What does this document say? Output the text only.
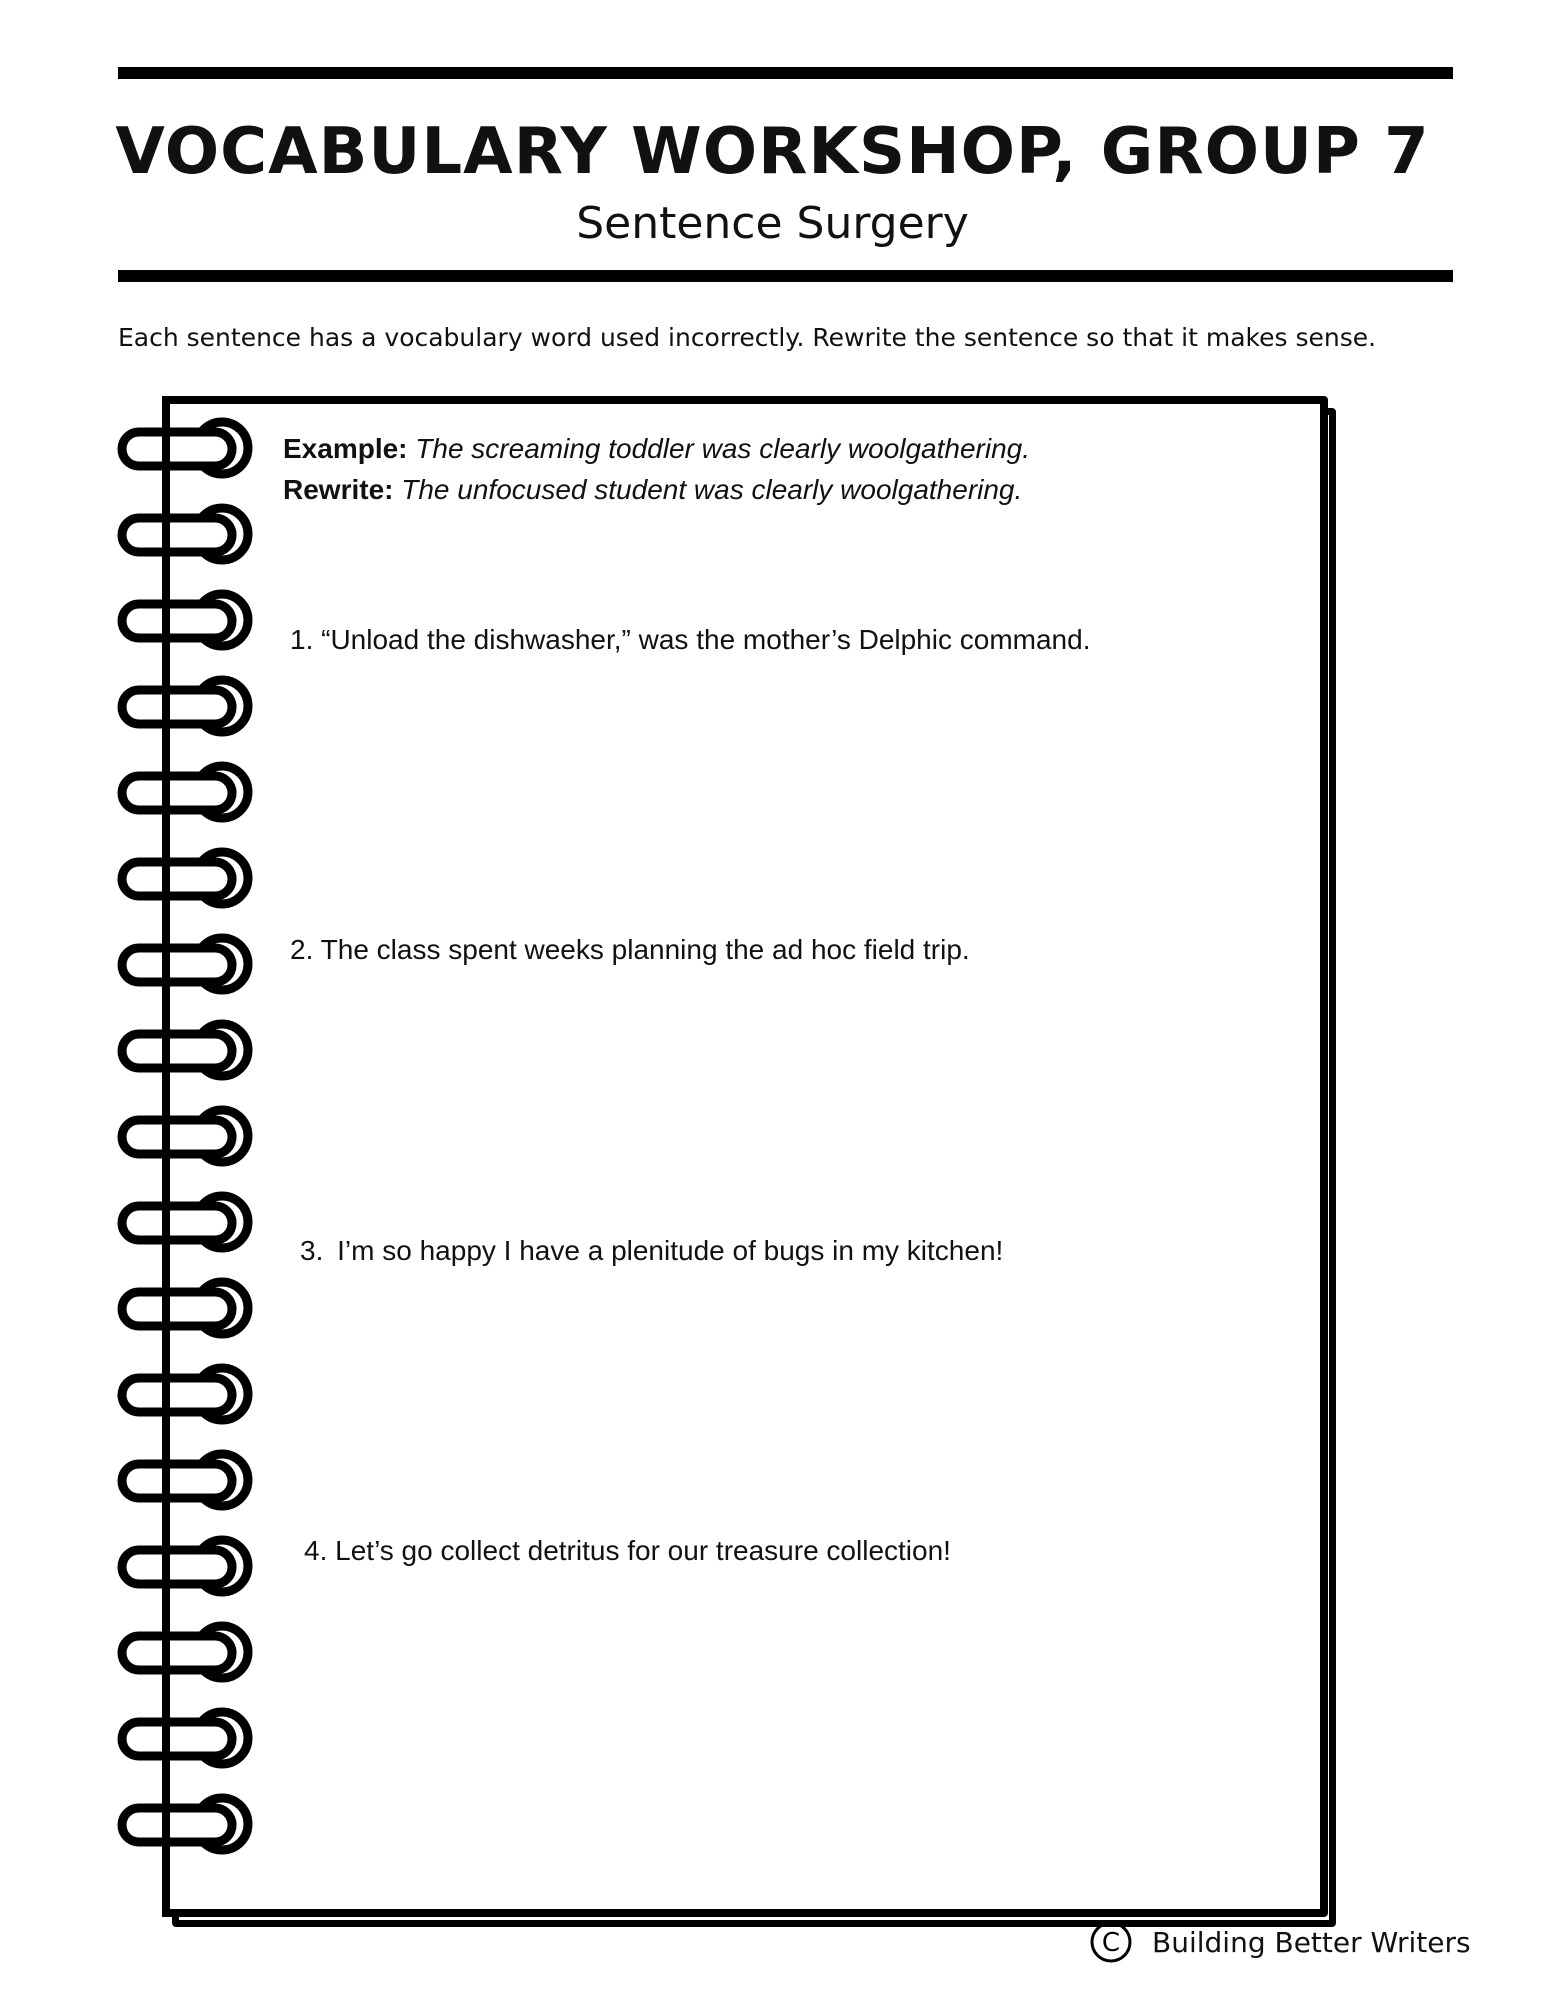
VOCABULARY WORKSHOP, GROUP 7
Sentence Surgery
Each sentence has a vocabulary word used incorrectly. Rewrite the sentence so that it makes sense.
Example: The screaming toddler was clearly woolgathering.
Rewrite: The unfocused student was clearly woolgathering.
1. “Unload the dishwasher,” was the mother’s Delphic command.
2. The class spent weeks planning the ad hoc field trip.
3. I’m so happy I have a plenitude of bugs in my kitchen!
4. Let’s go collect detritus for our treasure collection!
C Building Better Writers
